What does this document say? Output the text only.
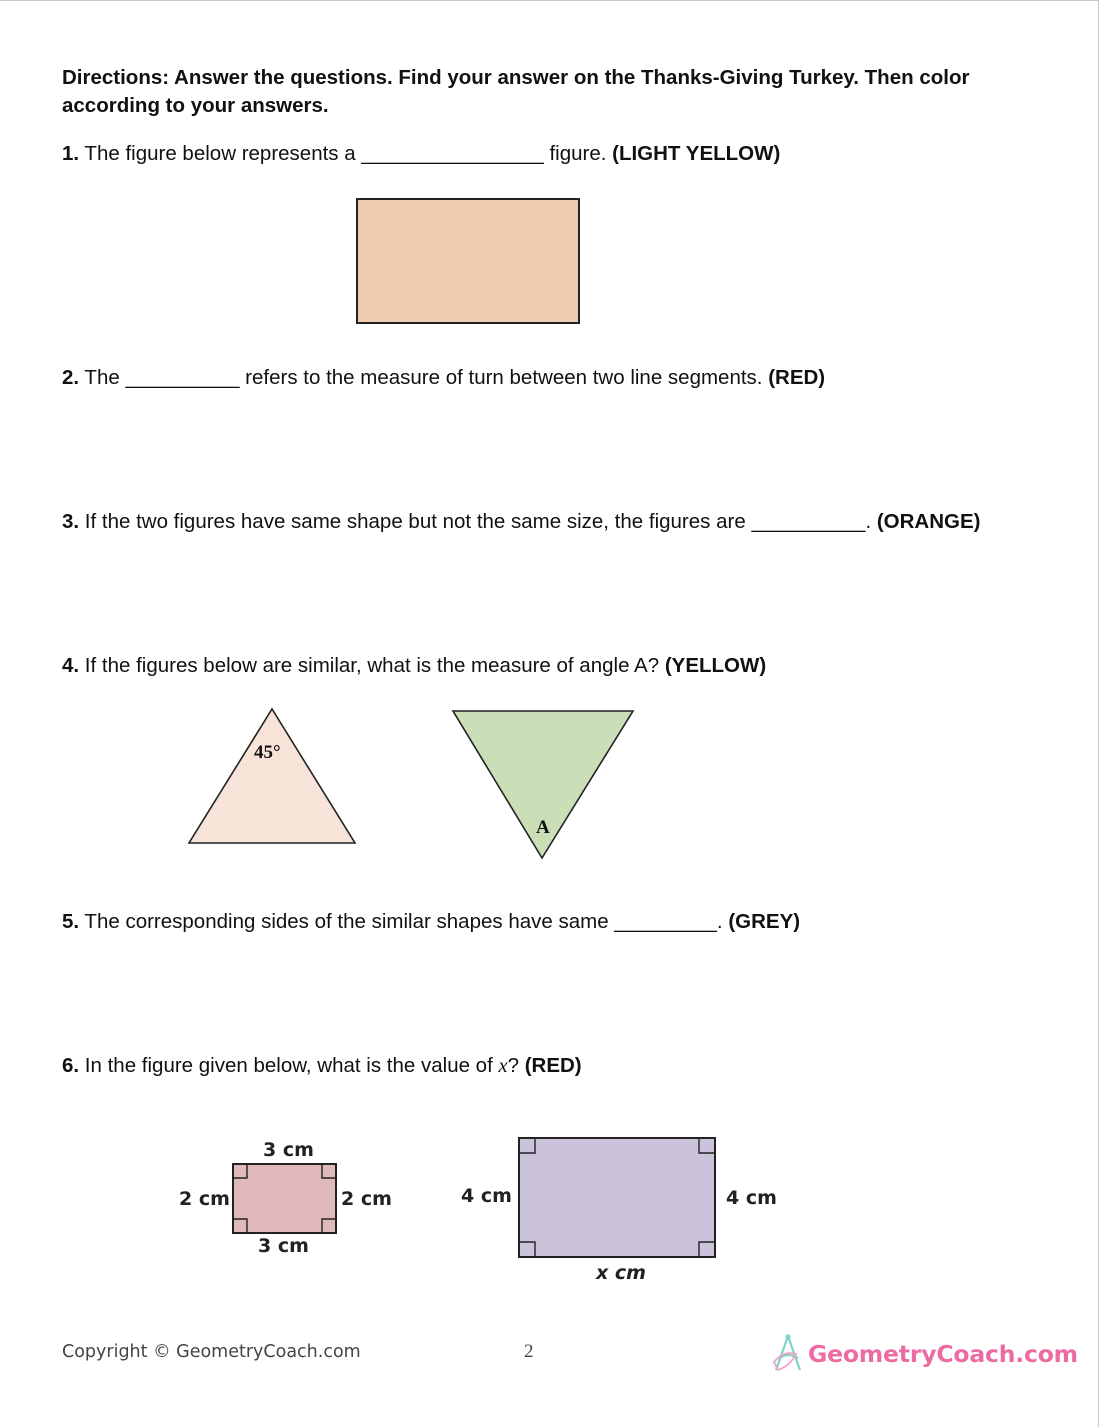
Directions: Answer the questions. Find your answer on the Thanks-Giving Turkey. Then color according to your answers.
1. The figure below represents a ________________ figure. (LIGHT YELLOW)
2. The __________ refers to the measure of turn between two line segments. (RED)
3. If the two figures have same shape but not the same size, the figures are __________. (ORANGE)
4. If the figures below are similar, what is the measure of angle A? (YELLOW)
5. The corresponding sides of the similar shapes have same _________. (GREY)
6. In the figure given below, what is the value of x? (RED)
45°
A
3 cm
3 cm
2 cm	2 cm	4 cm	4 cm
x cm
Copyright © GeometryCoach.com	2	GeometryCoach.com
